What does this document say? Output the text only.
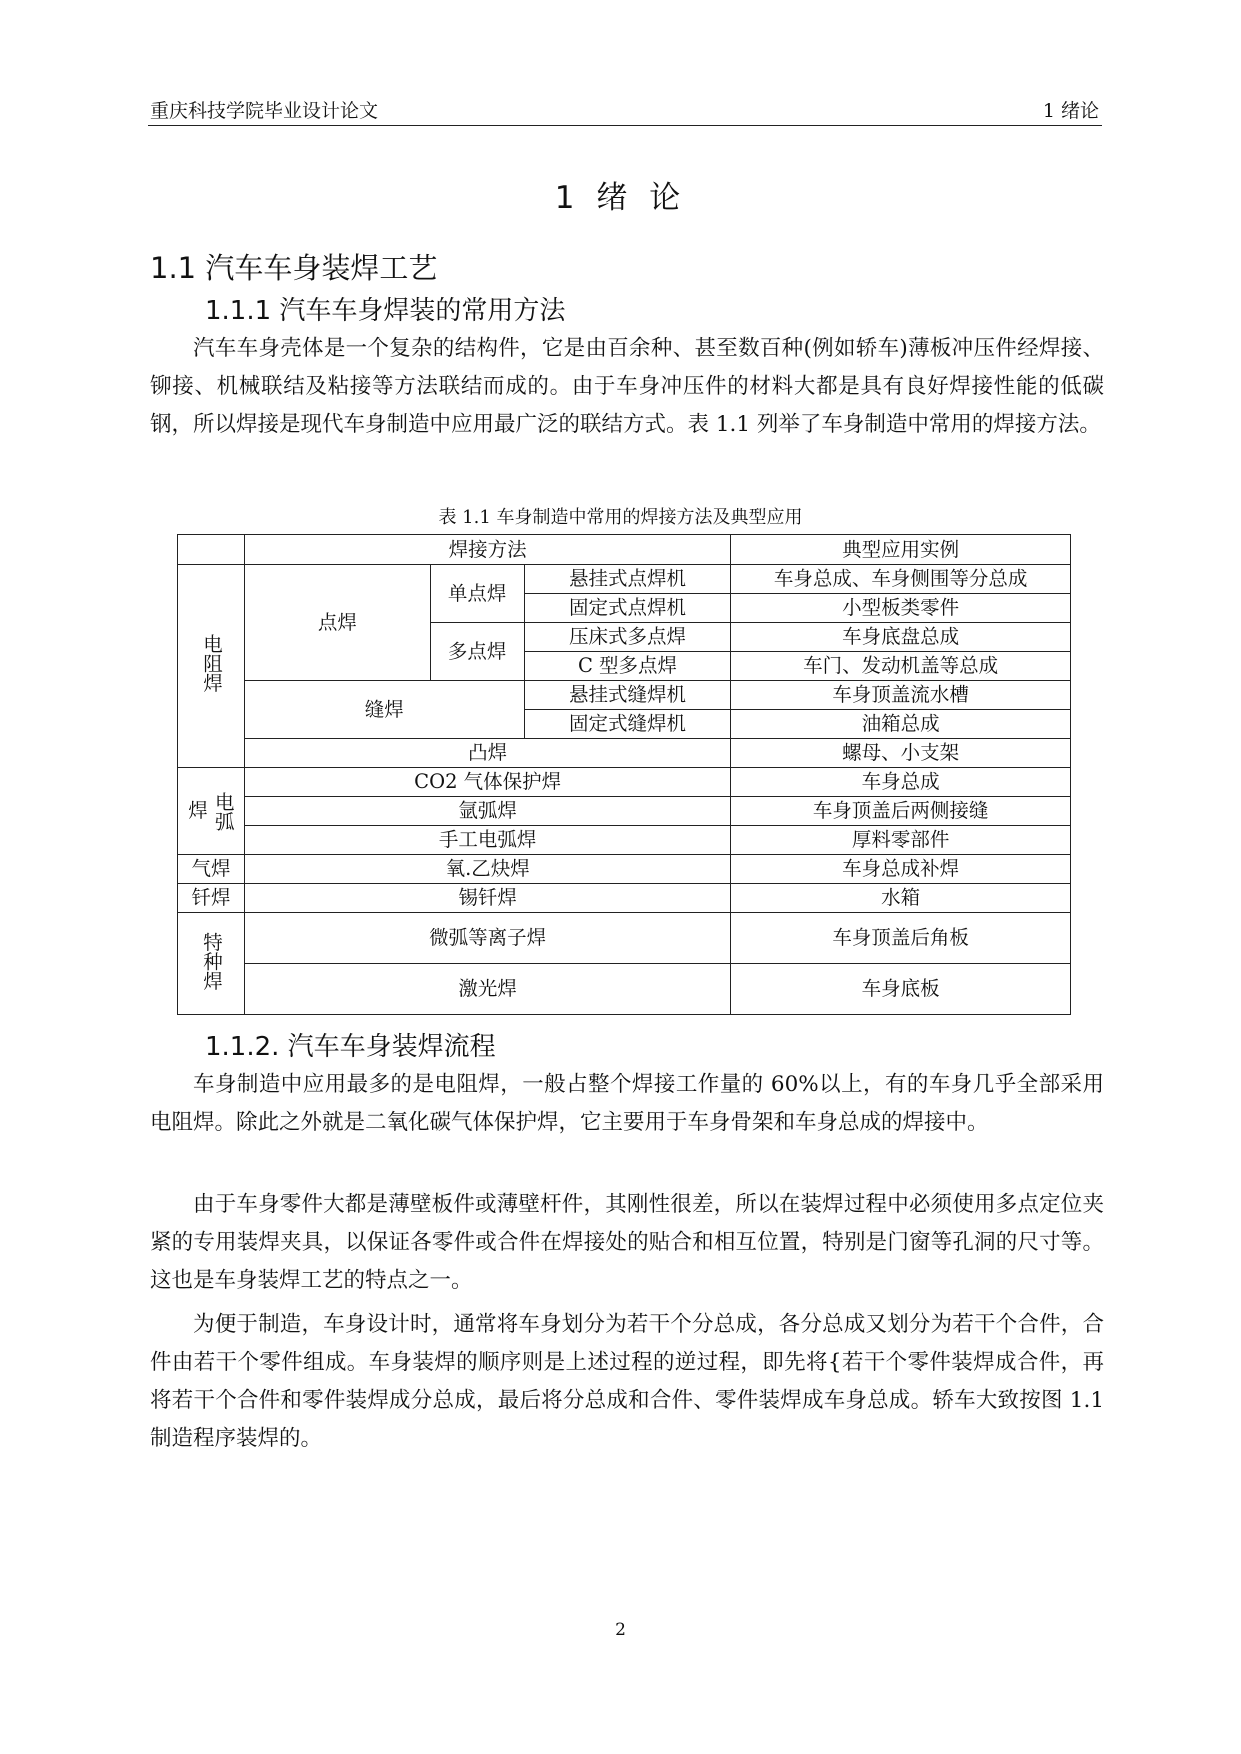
重庆科技学院毕业设计论文	1 绪论
1 绪 论
1.1 汽车车身装焊工艺
1.1.1 汽车车身焊装的常用方法

汽车车身壳体是一个复杂的结构件，它是由百余种、甚至数百种(例如轿车)薄板冲压件经焊接、铆接、机械联结及粘接等方法联结而成的。由于车身冲压件的材料大都是具有良好焊接性能的低碳钢，所以焊接是现代车身制造中应用最广泛的联结方式。表 1.1 列举了车身制造中常用的焊接方法。

表 1.1 车身制造中常用的焊接方法及典型应用
	焊接方法			典型应用实例
电阻焊	点焊	单点焊	悬挂式点焊机	车身总成、车身侧围等分总成
			固定式点焊机	小型板类零件
		多点焊	压床式多点焊	车身底盘总成
			C 型多点焊	车门、发动机盖等总成
	缝焊		悬挂式缝焊机	车身顶盖流水槽
			固定式缝焊机	油箱总成
	凸焊			螺母、小支架

焊 电弧	CO2 气体保护焊			车身总成
	氩弧焊			车身顶盖后两侧接缝
	手工电弧焊			厚料零部件
气焊	氧.乙炔焊			车身总成补焊
钎焊	锡钎焊			水箱
特种焊	微弧等离子焊			车身顶盖后角板
	激光焊			车身底板
1.1.2. 汽车车身装焊流程

车身制造中应用最多的是电阻焊，一般占整个焊接工作量的 60%以上，有的车身几乎全部采用电阻焊。除此之外就是二氧化碳气体保护焊，它主要用于车身骨架和车身总成的焊接中。

由于车身零件大都是薄壁板件或薄壁杆件，其刚性很差，所以在装焊过程中必须使用多点定位夹紧的专用装焊夹具，以保证各零件或合件在焊接处的贴合和相互位置，特别是门窗等孔洞的尺寸等。这也是车身装焊工艺的特点之一。

为便于制造，车身设计时，通常将车身划分为若干个分总成，各分总成又划分为若干个合件，合件由若干个零件组成。车身装焊的顺序则是上述过程的逆过程，即先将{若干个零件装焊成合件，再将若干个合件和零件装焊成分总成，最后将分总成和合件、零件装焊成车身总成。轿车大致按图 1.1 制造程序装焊的。

2
